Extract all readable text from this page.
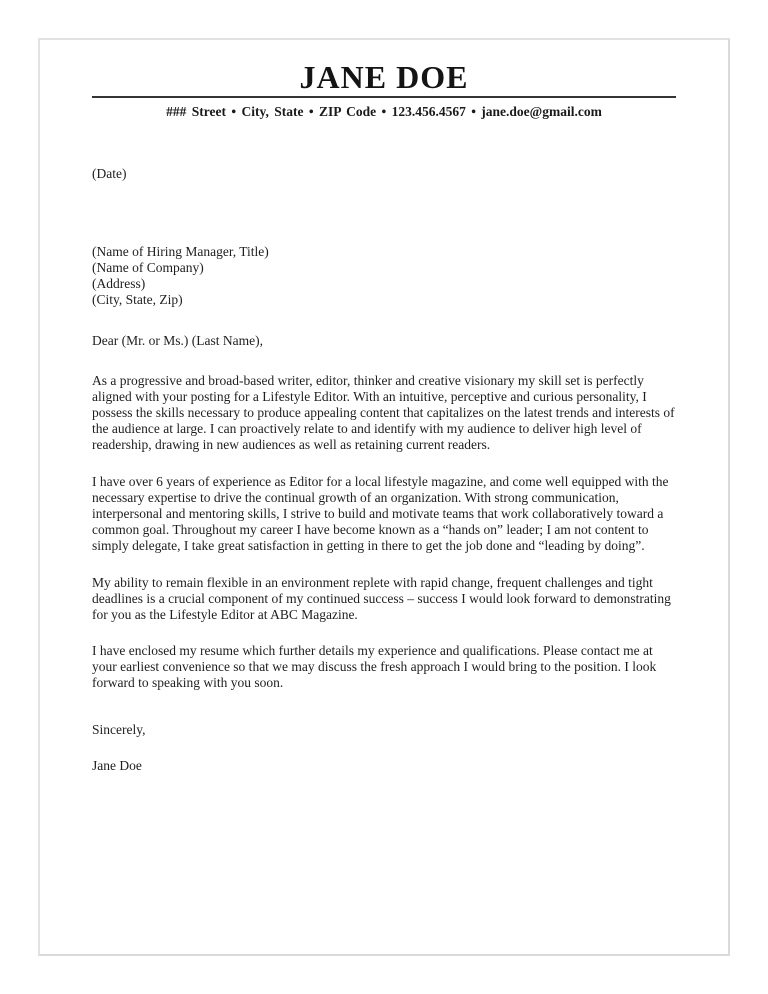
JANE DOE
### Street • City, State • ZIP Code • 123.456.4567 • jane.doe@gmail.com
(Date)
(Name of Hiring Manager, Title)
(Name of Company)
(Address)
(City, State, Zip)
Dear (Mr. or Ms.) (Last Name),

As a progressive and broad-based writer, editor, thinker and creative visionary my skill set is perfectly aligned with your posting for a Lifestyle Editor. With an intuitive, perceptive and curious personality, I possess the skills necessary to produce appealing content that capitalizes on the latest trends and interests of the audience at large. I can proactively relate to and identify with my audience to deliver high level of readership, drawing in new audiences as well as retaining current readers.

I have over 6 years of experience as Editor for a local lifestyle magazine, and come well equipped with the necessary expertise to drive the continual growth of an organization. With strong communication, interpersonal and mentoring skills, I strive to build and motivate teams that work collaboratively toward a common goal. Throughout my career I have become known as a “hands on” leader; I am not content to simply delegate, I take great satisfaction in getting in there to get the job done and “leading by doing”.

My ability to remain flexible in an environment replete with rapid change, frequent challenges and tight deadlines is a crucial component of my continued success – success I would look forward to demonstrating for you as the Lifestyle Editor at ABC Magazine.

I have enclosed my resume which further details my experience and qualifications. Please contact me at your earliest convenience so that we may discuss the fresh approach I would bring to the position. I look forward to speaking with you soon.

Sincerely,
Jane Doe
